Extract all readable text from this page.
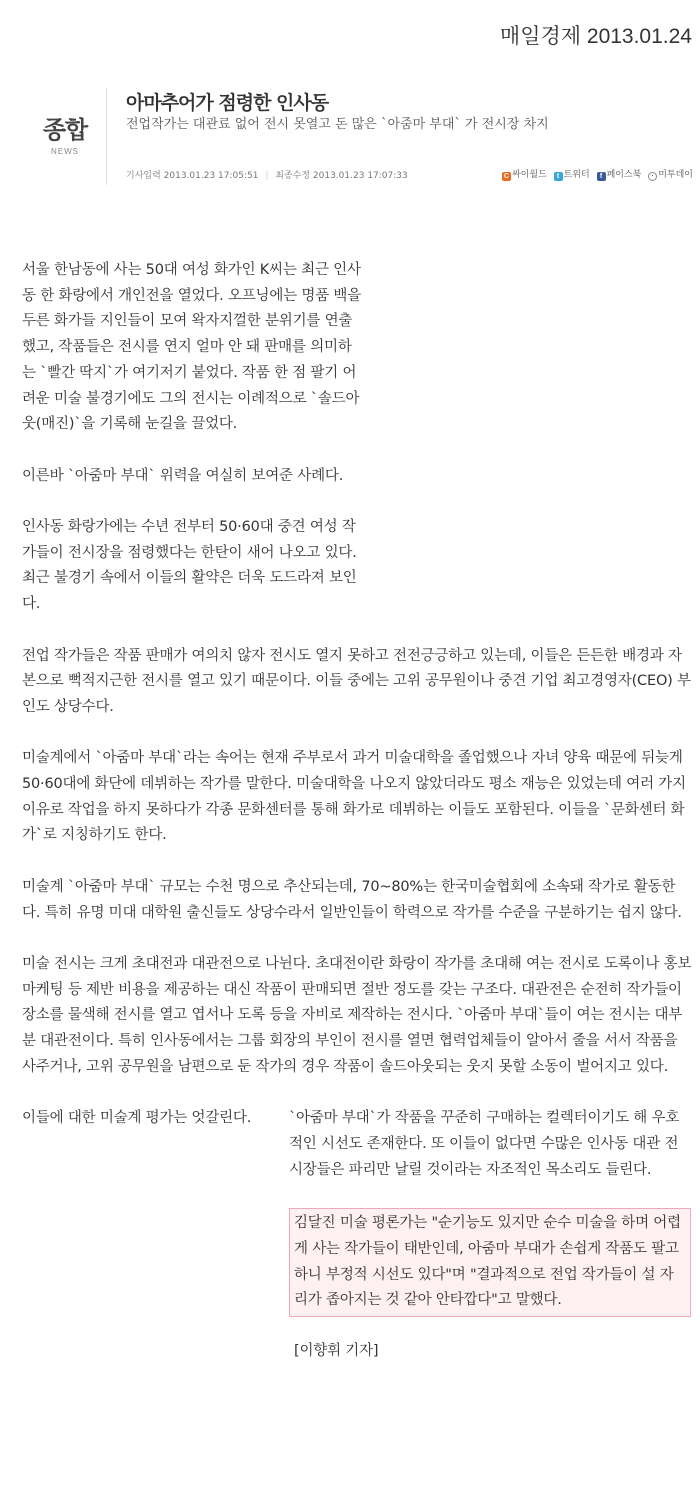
매일경제 2013.01.24
종합
NEWS
아마추어가 점령한 인사동
전업작가는 대관료 없어 전시 못열고 돈 많은 `아줌마 부대` 가 전시장 차지
기사입력 2013.01.23 17:05:51 | 최종수정 2013.01.23 17:07:33	C 싸이월드 t 트위터 f 페이스북 · 미투데이

서울 한남동에 사는 50대 여성 화가인 K씨는 최근 인사동 한 화랑에서 개인전을 열었다. 오프닝에는 명품 백을 두른 화가들 지인들이 모여 왁자지껄한 분위기를 연출했고, 작품들은 전시를 연지 얼마 안 돼 판매를 의미하는 `빨간 딱지`가 여기저기 붙었다. 작품 한 점 팔기 어려운 미술 불경기에도 그의 전시는 이례적으로 `솔드아웃(매진)`을 기록해 눈길을 끌었다.

이른바 `아줌마 부대` 위력을 여실히 보여준 사례다.

인사동 화랑가에는 수년 전부터 50·60대 중견 여성 작가들이 전시장을 점령했다는 한탄이 새어 나오고 있다. 최근 불경기 속에서 이들의 활약은 더욱 도드라져 보인다.

전업 작가들은 작품 판매가 여의치 않자 전시도 열지 못하고 전전긍긍하고 있는데, 이들은 든든한 배경과 자본으로 뻑적지근한 전시를 열고 있기 때문이다. 이들 중에는 고위 공무원이나 중견 기업 최고경영자(CEO) 부인도 상당수다.

미술계에서 `아줌마 부대`라는 속어는 현재 주부로서 과거 미술대학을 졸업했으나 자녀 양육 때문에 뒤늦게 50·60대에 화단에 데뷔하는 작가를 말한다. 미술대학을 나오지 않았더라도 평소 재능은 있었는데 여러 가지 이유로 작업을 하지 못하다가 각종 문화센터를 통해 화가로 데뷔하는 이들도 포함된다. 이들을 `문화센터 화가`로 지칭하기도 한다.

미술계 `아줌마 부대` 규모는 수천 명으로 추산되는데, 70~80%는 한국미술협회에 소속돼 작가로 활동한다. 특히 유명 미대 대학원 출신들도 상당수라서 일반인들이 학력으로 작가를 수준을 구분하기는 쉽지 않다.

미술 전시는 크게 초대전과 대관전으로 나뉜다. 초대전이란 화랑이 작가를 초대해 여는 전시로 도록이나 홍보 마케팅 등 제반 비용을 제공하는 대신 작품이 판매되면 절반 정도를 갖는 구조다. 대관전은 순전히 작가들이 장소를 물색해 전시를 열고 엽서나 도록 등을 자비로 제작하는 전시다. `아줌마 부대`들이 여는 전시는 대부분 대관전이다. 특히 인사동에서는 그룹 회장의 부인이 전시를 열면 협력업체들이 알아서 줄을 서서 작품을 사주거나, 고위 공무원을 남편으로 둔 작가의 경우 작품이 솔드아웃되는 웃지 못할 소동이 벌어지고 있다.

이들에 대한 미술계 평가는 엇갈린다.	`아줌마 부대`가 작품을 꾸준히 구매하는 컬렉터이기도 해 우호적인 시선도 존재한다. 또 이들이 없다면 수많은 인사동 대관 전시장들은 파리만 날릴 것이라는 자조적인 목소리도 들린다.

김달진 미술 평론가는 "순기능도 있지만 순수 미술을 하며 어렵게 사는 작가들이 태반인데, 아줌마 부대가 손쉽게 작품도 팔고 하니 부정적 시선도 있다"며 "결과적으로 전업 작가들이 설 자리가 좁아지는 것 같아 안타깝다"고 말했다.

[이향휘 기자]
